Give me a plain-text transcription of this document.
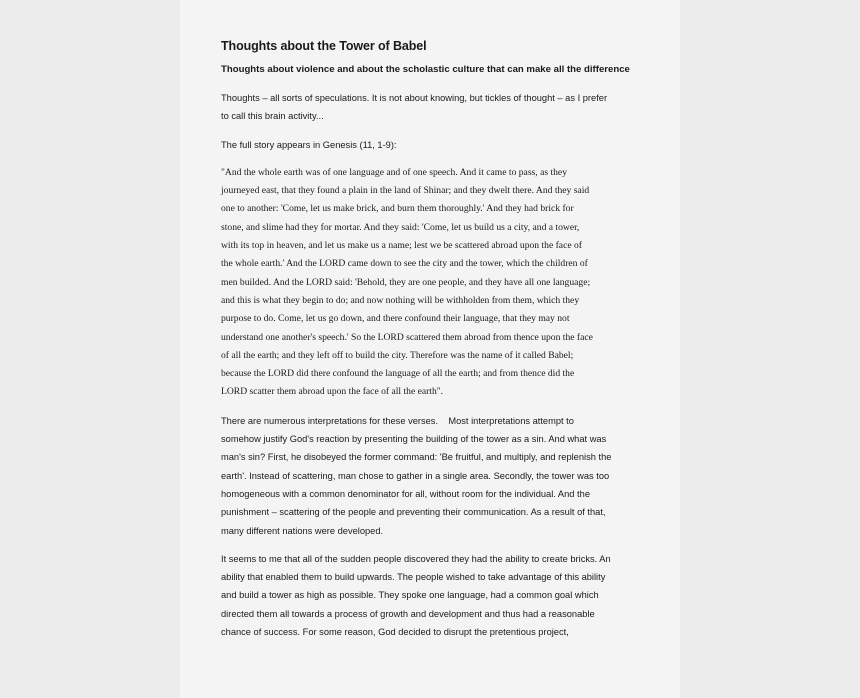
Thoughts about the Tower of Babel
Thoughts about violence and about the scholastic culture that can make all the difference
Thoughts – all sorts of speculations. It is not about knowing, but tickles of thought – as I prefer
to call this brain activity...
The full story appears in Genesis (11, 1-9):
"And the whole earth was of one language and of one speech. And it came to pass, as they
journeyed east, that they found a plain in the land of Shinar; and they dwelt there. And they said
one to another: 'Come, let us make brick, and burn them thoroughly.' And they had brick for
stone, and slime had they for mortar. And they said: 'Come, let us build us a city, and a tower,
with its top in heaven, and let us make us a name; lest we be scattered abroad upon the face of
the whole earth.' And the LORD came down to see the city and the tower, which the children of
men builded. And the LORD said: 'Behold, they are one people, and they have all one language;
and this is what they begin to do; and now nothing will be withholden from them, which they
purpose to do. Come, let us go down, and there confound their language, that they may not
understand one another's speech.' So the LORD scattered them abroad from thence upon the face
of all the earth; and they left off to build the city. Therefore was the name of it called Babel;
because the LORD did there confound the language of all the earth; and from thence did the
LORD scatter them abroad upon the face of all the earth".
There are numerous interpretations for these verses.    Most interpretations attempt to
somehow justify God's reaction by presenting the building of the tower as a sin. And what was
man's sin? First, he disobeyed the former command: 'Be fruitful, and multiply, and replenish the
earth'. Instead of scattering, man chose to gather in a single area. Secondly, the tower was too
homogeneous with a common denominator for all, without room for the individual. And the
punishment – scattering of the people and preventing their communication. As a result of that,
many different nations were developed.
It seems to me that all of the sudden people discovered they had the ability to create bricks. An
ability that enabled them to build upwards. The people wished to take advantage of this ability
and build a tower as high as possible. They spoke one language, had a common goal which
directed them all towards a process of growth and development and thus had a reasonable
chance of success. For some reason, God decided to disrupt the pretentious project,
